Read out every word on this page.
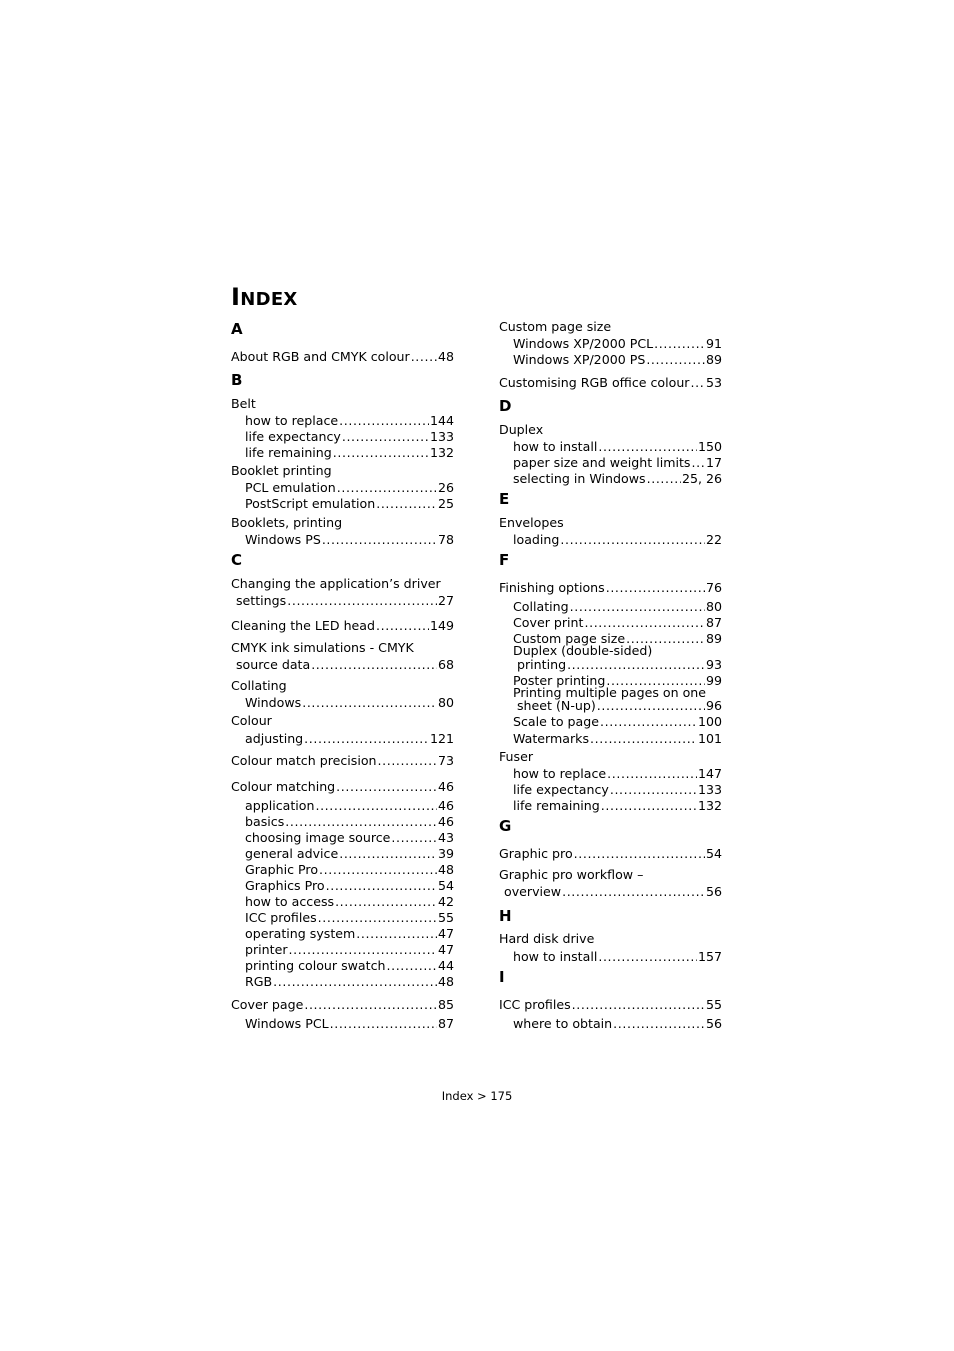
INDEX
A
About RGB and CMYK colour ..... 48
B
Belt
how to replace .....	144
life expectancy .....	133
life remaining .....	132
Booklet printing
PCL emulation .....	26
PostScript emulation .....	25
Booklets, printing
Windows PS .....	78
C
Changing the application’s driver
settings .....	27
Cleaning the LED head .....	149
CMYK ink simulations - CMYK
source data .....	68
Collating
Windows .....	80
Colour
adjusting .....	121
Colour match precision .....	73
Colour matching .....	46
application .....	46
basics .....	46
choosing image source .....	43
general advice .....	39
Graphic Pro .....	48
Graphics Pro .....	54
how to access .....	42
ICC profiles .....	55
operating system .....	47
printer .....	47
printing colour swatch .....	44
RGB .....	48
Cover page .....	85
Windows PCL .....	87
Custom page size
Windows XP/2000 PCL .....	91
Windows XP/2000 PS .....	89
Customising RGB office colour ..... 53
D
Duplex
how to install .....	150
paper size and weight limits ..... 17
selecting in Windows .....	25, 26
E
Envelopes
loading .....	22
F
Finishing options .....	76
Collating .....	80
Cover print .....	87
Custom page size .....	89
Duplex (double-sided)
printing .....	93
Poster printing .....	99
Printing multiple pages on one
sheet (N-up) .....	96
Scale to page .....	100
Watermarks .....	101
Fuser
how to replace .....	147
life expectancy .....	133
life remaining .....	132
G
Graphic pro .....	54
Graphic pro workflow –
overview .....	56
H
Hard disk drive
how to install .....	157
I
ICC profiles .....	55
where to obtain .....	56
Index > 175
